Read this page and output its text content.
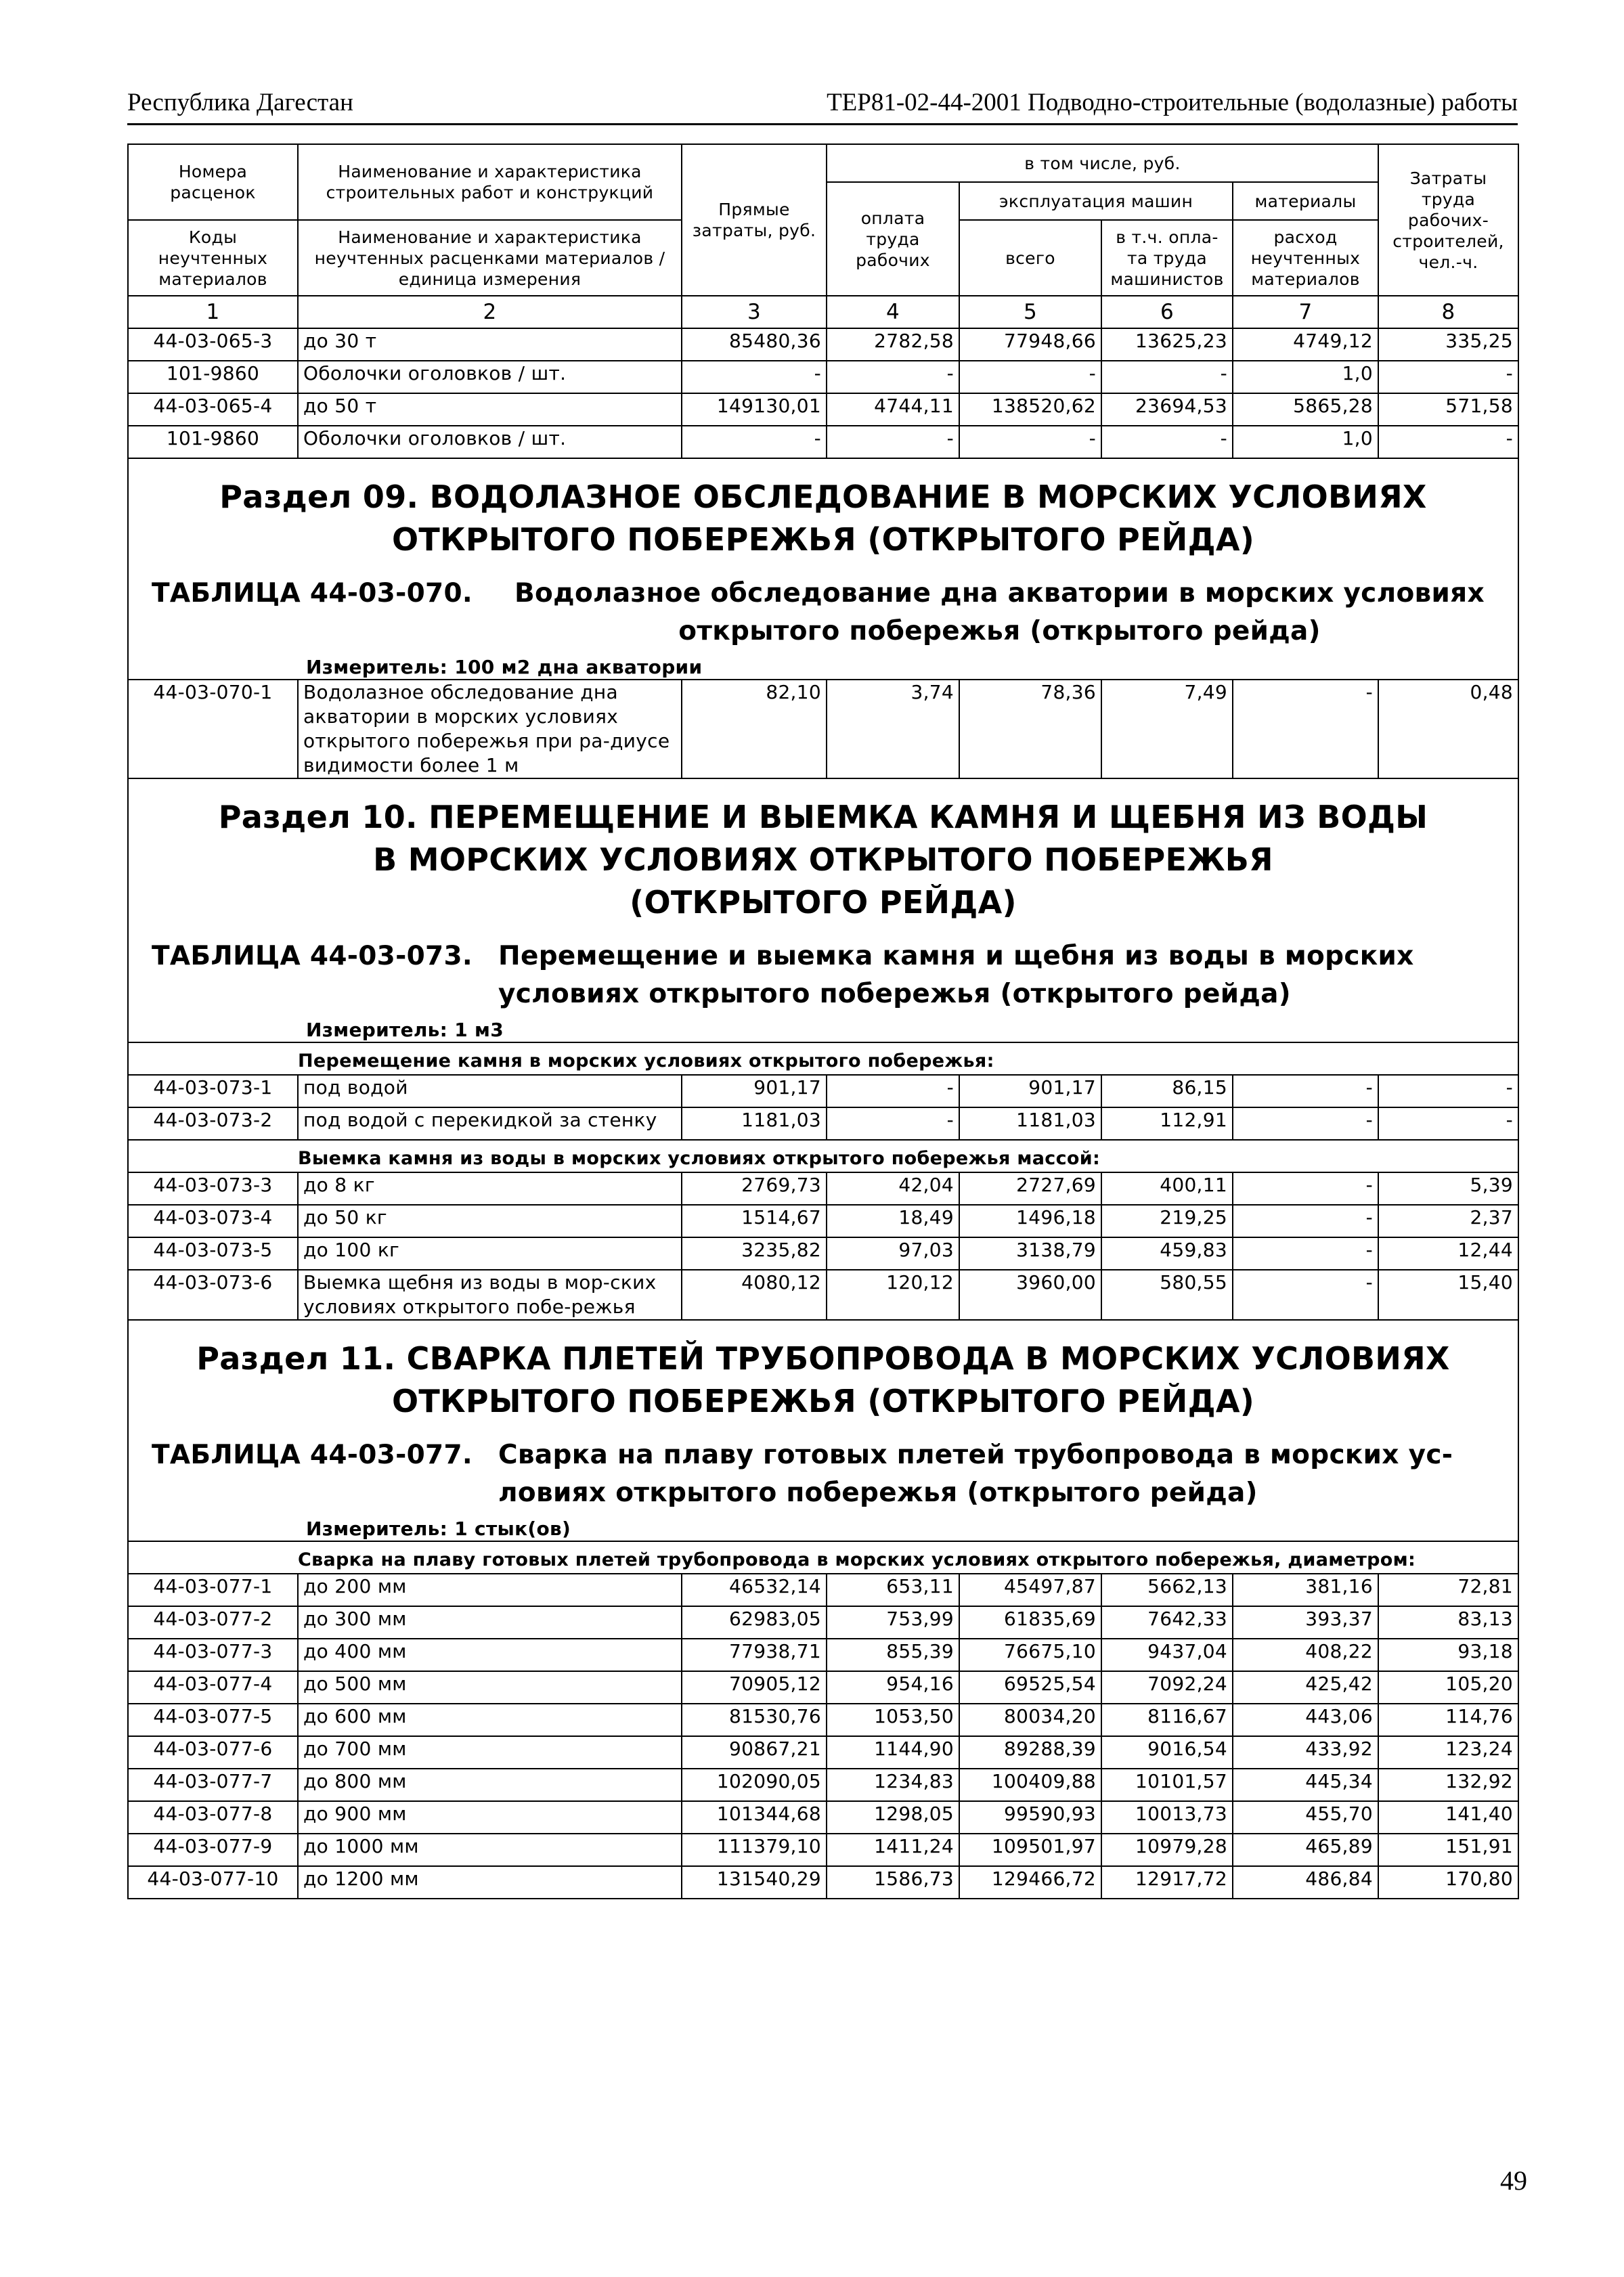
Республика Дагестан	ТЕР81-02-44-2001 Подводно-строительные (водолазные) работы
Номера расценок	Наименование и характеристика строительных работ и конструкций	Прямые затраты, руб.	в том числе, руб.				Затраты труда рабочих-строителей, чел.-ч.
			оплата труда рабочих	эксплуатация машин		материалы	
Коды неучтенных материалов	Наименование и характеристика неучтенных расценками материалов / единица измерения			всего	в т.ч. опла-та труда машинистов	расход неучтенных материалов	
1	2	3	4	5	6	7	8
44-03-065-3	до 30 т	85480,36	2782,58	77948,66	13625,23	4749,12	335,25
101-9860	Оболочки оголовков / шт.	-	-	-	-	1,0	-
44-03-065-4	до 50 т	149130,01	4744,11	138520,62	23694,53	5865,28	571,58
101-9860	Оболочки оголовков / шт.	-	-	-	-	1,0	-

Раздел 09. ВОДОЛАЗНОЕ ОБСЛЕДОВАНИЕ В МОРСКИХ УСЛОВИЯХ
ОТКРЫТОГО ПОБЕРЕЖЬЯ (ОТКРЫТОГО РЕЙДА)							

ТАБЛИЦА 44-03-070. Водолазное обследование дна акватории в морских условиях открытого побережья (открытого рейда)							

Измеритель: 100 м2 дна акватории							
44-03-070-1	Водолазное обследование дна акватории в морских условиях открытого побережья при ра-диусе видимости более 1 м	82,10	3,74	78,36	7,49	-	0,48

Раздел 10. ПЕРЕМЕЩЕНИЕ И ВЫЕМКА КАМНЯ И ЩЕБНЯ ИЗ ВОДЫ
В МОРСКИХ УСЛОВИЯХ ОТКРЫТОГО ПОБЕРЕЖЬЯ
(ОТКРЫТОГО РЕЙДА)							

ТАБЛИЦА 44-03-073. Перемещение и выемка камня и щебня из воды в морских условиях открытого побережья (открытого рейда)							

Измеритель: 1 м3							
	Перемещение камня в морских условиях открытого побережья:						
44-03-073-1	под водой	901,17	-	901,17	86,15	-	-
44-03-073-2	под водой с перекидкой за стенку	1181,03	-	1181,03	112,91	-	-
	Выемка камня из воды в морских условиях открытого побережья массой:						
44-03-073-3	до 8 кг	2769,73	42,04	2727,69	400,11	-	5,39
44-03-073-4	до 50 кг	1514,67	18,49	1496,18	219,25	-	2,37
44-03-073-5	до 100 кг	3235,82	97,03	3138,79	459,83	-	12,44
44-03-073-6	Выемка щебня из воды в мор-ских условиях открытого побе-режья	4080,12	120,12	3960,00	580,55	-	15,40

Раздел 11. СВАРКА ПЛЕТЕЙ ТРУБОПРОВОДА В МОРСКИХ УСЛОВИЯХ
ОТКРЫТОГО ПОБЕРЕЖЬЯ (ОТКРЫТОГО РЕЙДА)							

ТАБЛИЦА 44-03-077. Сварка на плаву готовых плетей трубопровода в морских ус-ловиях открытого побережья (открытого рейда)							

Измеритель: 1 стык(ов)							
	Сварка на плаву готовых плетей трубопровода в морских условиях открытого побережья, диаметром:						
44-03-077-1	до 200 мм	46532,14	653,11	45497,87	5662,13	381,16	72,81
44-03-077-2	до 300 мм	62983,05	753,99	61835,69	7642,33	393,37	83,13
44-03-077-3	до 400 мм	77938,71	855,39	76675,10	9437,04	408,22	93,18
44-03-077-4	до 500 мм	70905,12	954,16	69525,54	7092,24	425,42	105,20
44-03-077-5	до 600 мм	81530,76	1053,50	80034,20	8116,67	443,06	114,76
44-03-077-6	до 700 мм	90867,21	1144,90	89288,39	9016,54	433,92	123,24
44-03-077-7	до 800 мм	102090,05	1234,83	100409,88	10101,57	445,34	132,92
44-03-077-8	до 900 мм	101344,68	1298,05	99590,93	10013,73	455,70	141,40
44-03-077-9	до 1000 мм	111379,10	1411,24	109501,97	10979,28	465,89	151,91
44-03-077-10	до 1200 мм	131540,29	1586,73	129466,72	12917,72	486,84	170,80
49
